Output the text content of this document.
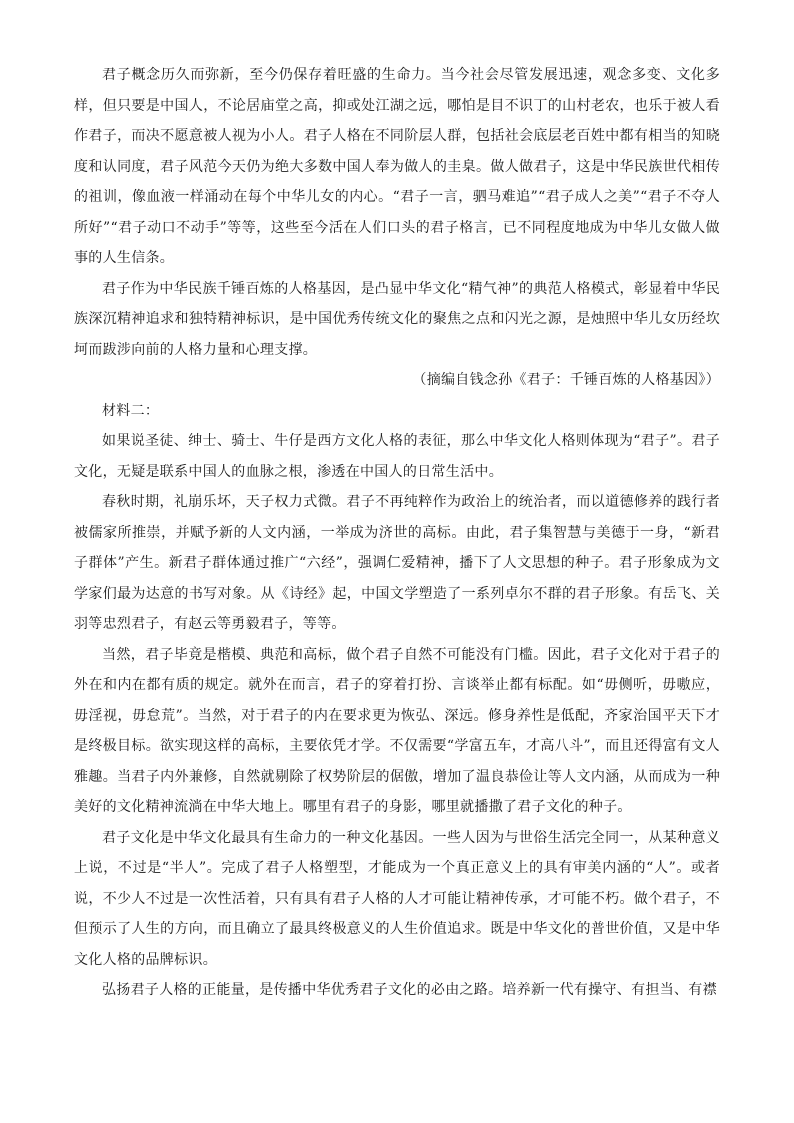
君子概念历久而弥新，至今仍保存着旺盛的生命力。当今社会尽管发展迅速，观念多变、文化多样，但只要是中国人，不论居庙堂之高，抑或处江湖之远，哪怕是目不识丁的山村老农，也乐于被人看作君子，而决不愿意被人视为小人。君子人格在不同阶层人群，包括社会底层老百姓中都有相当的知晓度和认同度，君子风范今天仍为绝大多数中国人奉为做人的圭臬。做人做君子，这是中华民族世代相传的祖训，像血液一样涌动在每个中华儿女的内心。“君子一言，驷马难追”“君子成人之美”“君子不夺人所好”“君子动口不动手”等等，这些至今活在人们口头的君子格言，已不同程度地成为中华儿女做人做事的人生信条。

君子作为中华民族千锤百炼的人格基因，是凸显中华文化“精气神”的典范人格模式，彰显着中华民族深沉精神追求和独特精神标识，是中国优秀传统文化的聚焦之点和闪光之源，是烛照中华儿女历经坎坷而跋涉向前的人格力量和心理支撑。

（摘编自钱念孙《君子：千锤百炼的人格基因》）

材料二：

如果说圣徒、绅士、骑士、牛仔是西方文化人格的表征，那么中华文化人格则体现为“君子”。君子文化，无疑是联系中国人的血脉之根，渗透在中国人的日常生活中。

春秋时期，礼崩乐坏，天子权力式微。君子不再纯粹作为政治上的统治者，而以道德修养的践行者被儒家所推崇，并赋予新的人文内涵，一举成为济世的高标。由此，君子集智慧与美德于一身，“新君子群体”产生。新君子群体通过推广“六经”，强调仁爱精神，播下了人文思想的种子。君子形象成为文学家们最为达意的书写对象。从《诗经》起，中国文学塑造了一系列卓尔不群的君子形象。有岳飞、关羽等忠烈君子，有赵云等勇毅君子，等等。

当然，君子毕竟是楷模、典范和高标，做个君子自然不可能没有门槛。因此，君子文化对于君子的外在和内在都有质的规定。就外在而言，君子的穿着打扮、言谈举止都有标配。如“毋侧听，毋嗷应，毋淫视，毋怠荒”。当然，对于君子的内在要求更为恢弘、深远。修身养性是低配，齐家治国平天下才是终极目标。欲实现这样的高标，主要依凭才学。不仅需要“学富五车，才高八斗”，而且还得富有文人雅趣。当君子内外兼修，自然就剔除了权势阶层的倨傲，增加了温良恭俭让等人文内涵，从而成为一种美好的文化精神流淌在中华大地上。哪里有君子的身影，哪里就播撒了君子文化的种子。

君子文化是中华文化最具有生命力的一种文化基因。一些人因为与世俗生活完全同一，从某种意义上说，不过是“半人”。完成了君子人格塑型，才能成为一个真正意义上的具有审美内涵的“人”。或者说，不少人不过是一次性活着，只有具有君子人格的人才可能让精神传承，才可能不朽。做个君子，不但预示了人生的方向，而且确立了最具终极意义的人生价值追求。既是中华文化的普世价值，又是中华文化人格的品牌标识。

弘扬君子人格的正能量，是传播中华优秀君子文化的必由之路。培养新一代有操守、有担当、有襟
